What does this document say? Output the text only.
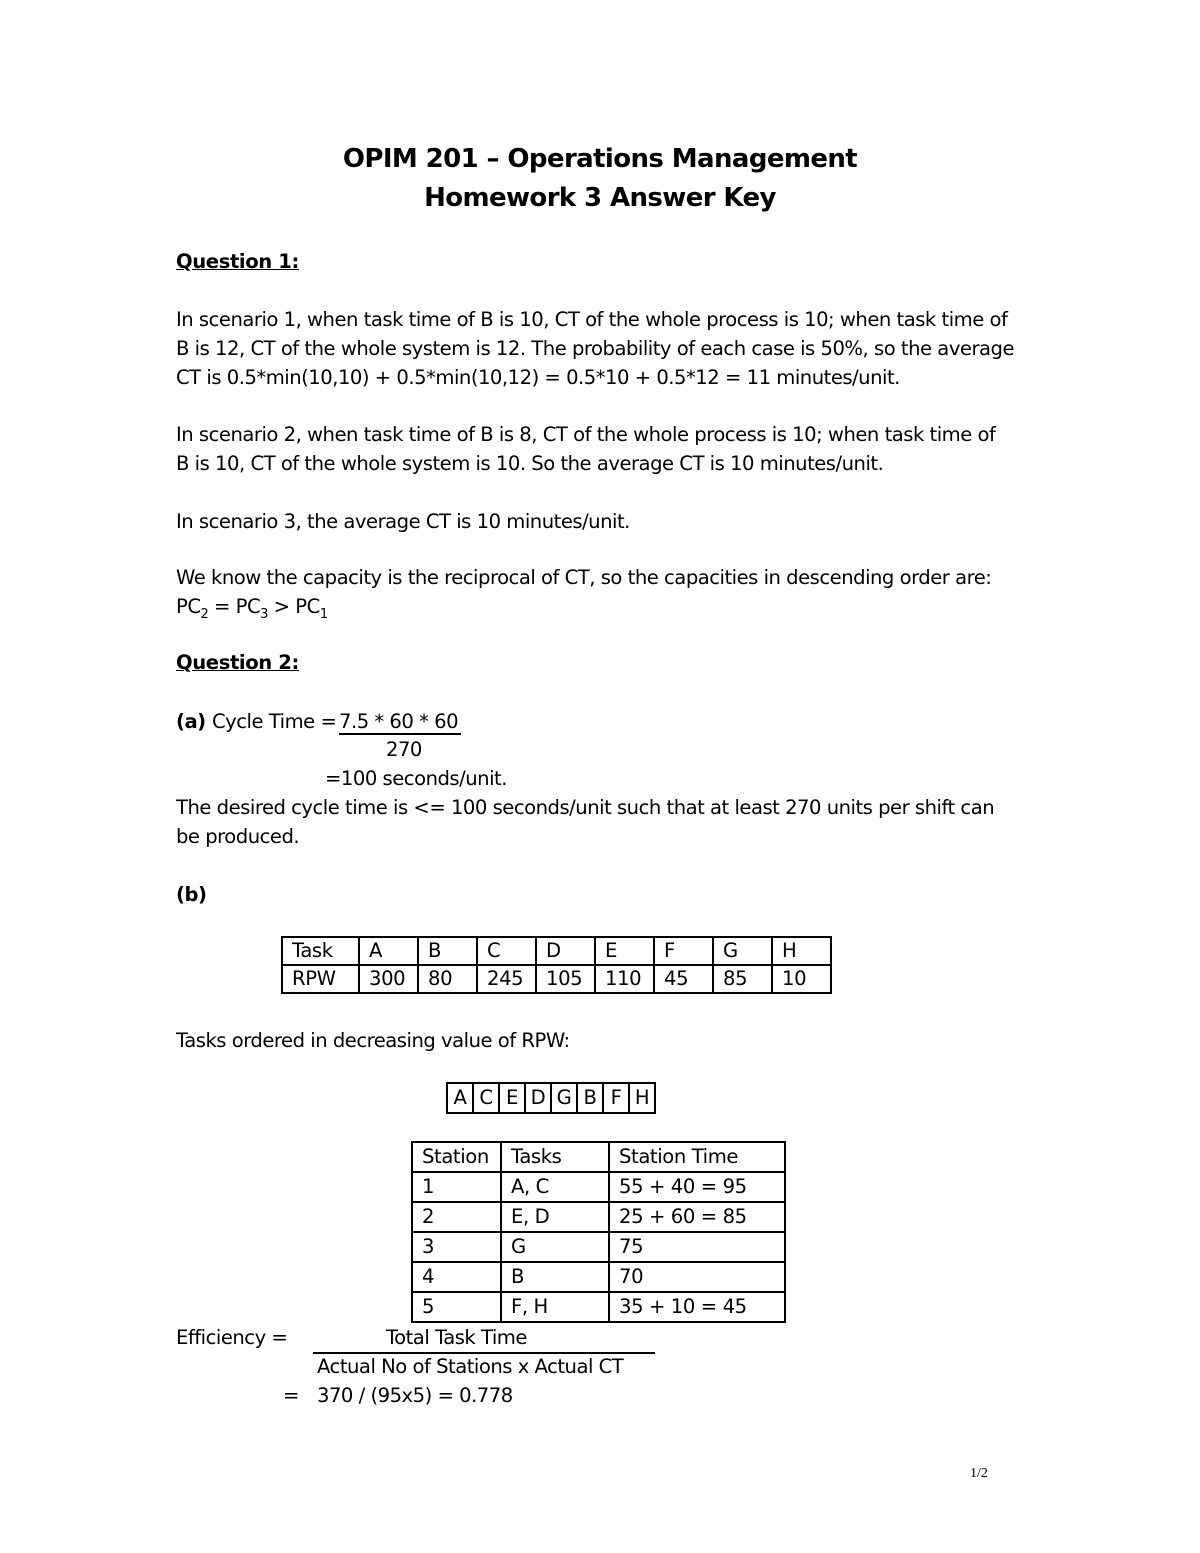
OPIM 201 – Operations Management
Homework 3 Answer Key
Question 1:
In scenario 1, when task time of B is 10, CT of the whole process is 10; when task time of
B is 12, CT of the whole system is 12. The probability of each case is 50%, so the average
CT is 0.5*min(10,10) + 0.5*min(10,12) = 0.5*10 + 0.5*12 = 11 minutes/unit.
In scenario 2, when task time of B is 8, CT of the whole process is 10; when task time of
B is 10, CT of the whole system is 10. So the average CT is 10 minutes/unit.
In scenario 3, the average CT is 10 minutes/unit.
We know the capacity is the reciprocal of CT, so the capacities in descending order are:
$PC_2 = PC_3 > PC_1$
Question 2:
(a) Cycle Time = 7.5 * 60 * 60
270
=100 seconds/unit.
The desired cycle time is <= 100 seconds/unit such that at least 270 units per shift can
be produced.
(b)
Task	A	B	C	D	E	F	G	H
RPW	300	80	245	105	110	45	85	10
Tasks ordered in decreasing value of RPW:
A	C	E	D	G	B	F	H
Station	Tasks	Station Time
1	A, C	55 + 40 = 95
2	E, D	25 + 60 = 85
3	G	75
4	B	70
5	F, H	35 + 10 = 45
Efficiency =	Total Task Time
Actual No of Stations x Actual CT
= 370 / (95x5) = 0.778
1/2
